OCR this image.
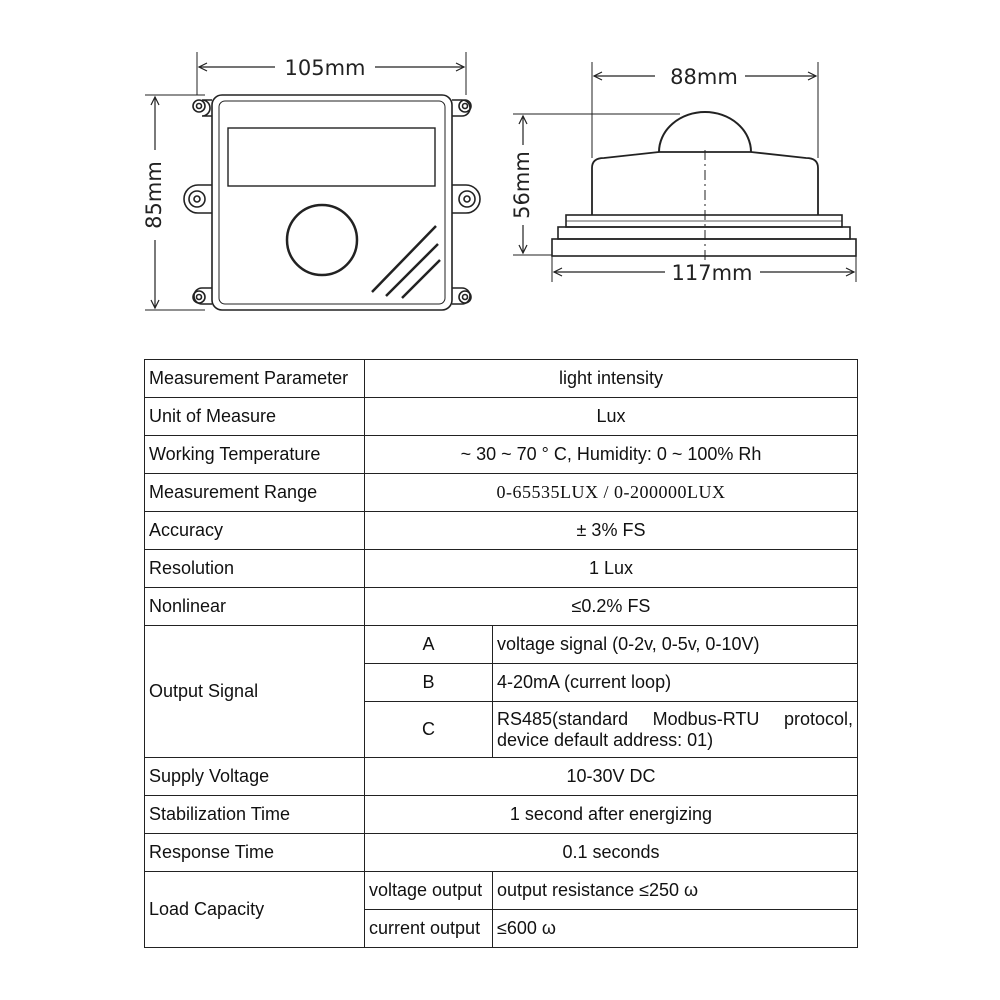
105mm
85mm
88mm
56mm
117mm
Measurement Parameter	light intensity	
Unit of Measure	Lux	
Working Temperature	~ 30 ~ 70 ° C, Humidity: 0 ~ 100% Rh	
Measurement Range	0-65535LUX / 0-200000LUX	
Accuracy	± 3% FS	
Resolution	1 Lux	
Nonlinear	≤0.2% FS	
Output Signal	A	voltage signal (0-2v, 0-5v, 0-10V)
	B	4-20mA (current loop)
	C	RS485(standard Modbus-RTU protocol, device default address: 01)
Supply Voltage	10-30V DC	
Stabilization Time	1 second after energizing	
Response Time	0.1 seconds	
Load Capacity	voltage output	output resistance ≤250 ω
	current output	≤600 ω
